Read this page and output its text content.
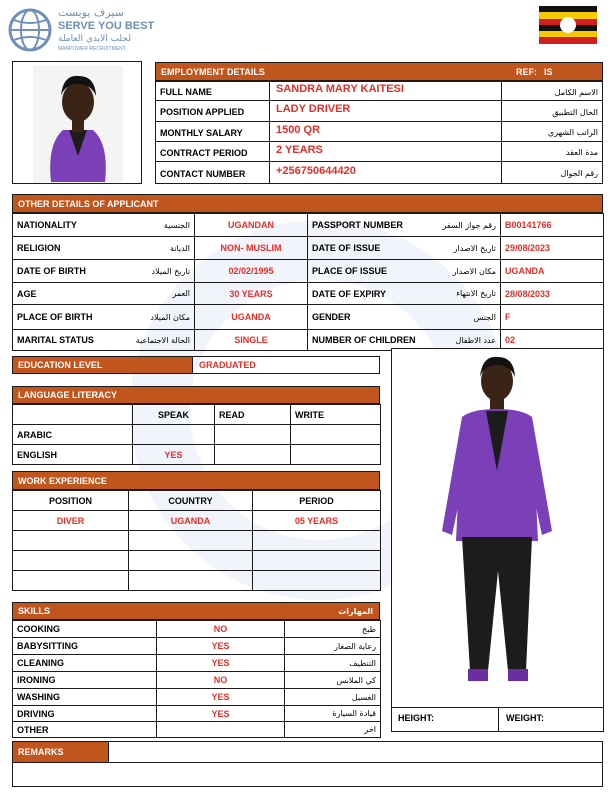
سيرف يوبست
SERVE YOU BEST
لجلب الايدي العاملة
MANPOWER RECRUITMENT
EMPLOYMENT DETAILS	REF: IS
FULL NAME	SANDRA MARY KAITESI	الاسم الكامل
POSITION APPLIED	LADY DRIVER	الحال التطبيق
MONTHLY SALARY	1500 QR	الراتب الشهري
CONTRACT PERIOD	2 YEARS	مدة العقد
CONTACT NUMBER	+256750644420	رقم الجوال
OTHER DETAILS OF APPLICANT
NATIONALITY	الجنسية	UGANDAN	PASSPORT NUMBER	رقم جواز السفر	B00141766
RELIGION	الديانة	NON- MUSLIM	DATE OF ISSUE	تاريخ الاصدار	29/08/2023
DATE OF BIRTH	تاريخ الميلاد	02/02/1995	PLACE OF ISSUE	مكان الاصدار	UGANDA
AGE	العمر	30 YEARS	DATE OF EXPIRY	تاريخ الانتهاء	28/08/2033
PLACE OF BIRTH	مكان الميلاد	UGANDA	GENDER	الجنس	F
MARITAL STATUS	الحالة الاجتماعية	SINGLE	NUMBER OF CHILDREN	عدد الاطفال	02
EDUCATION LEVEL	GRADUATED
LANGUAGE LITERACY
	SPEAK	READ	WRITE
ARABIC			
ENGLISH	YES		
WORK EXPERIENCE
POSITION	COUNTRY	PERIOD
DIVER	UGANDA	05 YEARS

SKILLS	المهارات
COOKING	NO	طبخ
BABYSITTING	YES	رعاية الصغار
CLEANING	YES	التنظيف
IRONING	NO	كي الملابس
WASHING	YES	الغسيل
DRIVING	YES	قيادة السيارة
OTHER		اخر
HEIGHT:	WEIGHT:
REMARKS
